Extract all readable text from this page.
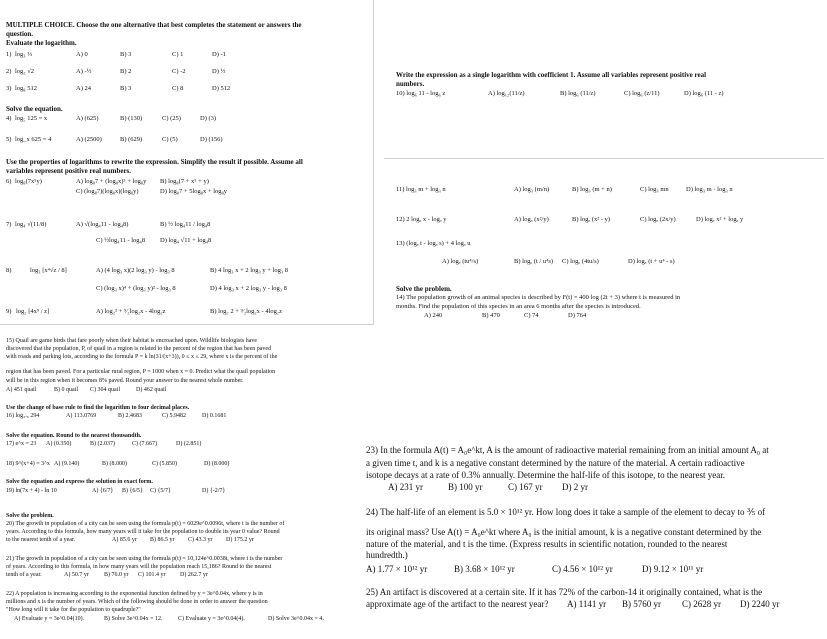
MULTIPLE CHOICE. Choose the one alternative that best completes the statement or answers the
question.
Evaluate the logarithm.
1) log₃ ⅓	A) 0	B) 3	C) 1	D) -1
2) log₂ √2	A) -½	B) 2	C) -2	D) ½
3) log₈ 512	A) 24	B) 3	C) 8	D) 512
Solve the equation.
4) log₅ 125 = x	A) (625)	B) (130)	C) (25)	D) (3)
5) log_x 625 = 4	A) (2500)	B) (629)	C) (5)	D) (156)
Use the properties of logarithms to rewrite the expression. Simplify the result if possible. Assume all
variables represent positive real numbers.
6) log₈(7x⁵y)	A) log₈7 + (log₈x)⁵ + log₈y B) log₈(7 + x⁵ + y)
C) (log₈7)(log₈x)(log₈y)	D) log₈7 + 5log₈x + log₈y
7) log₄ √(11/8)	A) √(log₄11 - log₄8)	B) ½ log₄11 / log₄8
C) ½log₄11 - log₄8 D) log₄ √11 + log₄8
8)	log₃ [x⁴√z / 8]	A) (4 log₃ x)(2 log₃ y) - log₃ 8	B) 4 log₃ x + 2 log₃ y + log₃ 8
C) (log₃ x)⁴ + (log₃ y)² - log₃ 8	D) 4 log₃ x + 2 log₃ y - log₃ 8
9) log₂ [4x⁹ / z]	A) log₂² + ⁹⁄₂log₂x - 4log₂z	B) log₂ 2 + ⁹⁄₂log₂x - 4log₂z
Write the expression as a single logarithm with coefficient 1. Assume all variables represent positive real
numbers.
10) log₆ 11 - log₆ z	A) log₁₂(11/z)	B) log₆ (11/z)	C) log₆ (z/11)	D) log₆ (11 - z)
11) log₃ m + log₃ n	A) log₃ (m/n)	B) log₃ (m + n)	C) log₃ mn	D) log₃ m · log₃ n
12) 2 logₐ x - logₐ y	A) logₐ (x²/y)	B) logₐ (x² - y)	C) logₐ (2x/y)	D) logₐ x² + logₐ y
13) (logₐ t - logₐ s) + 4 logₐ u
A) logₐ (tu⁴/s)	B) logₐ (t / u⁴s) C) logₐ (4tu/s)	D) logₐ (t + u⁴ - s)
Solve the problem.
14) The population growth of an animal species is described by F(t) = 400 log (2t + 3) where t is measured in
months. Find the population of this species in an area 6 months after the species is introduced.
A) 240	B) 470	C) 74	D) 764
15) Quail are game birds that fare poorly when their habitat is encroached upon. Wildlife biologists have
discovered that the population, P, of quail in a region is related to the percent of the region that has been paved
with roads and parking lots, according to the formula P = k ln(31/(x+3)), 0 ≤ x ≤ 29, where x is the percent of the
region that has been paved. For a particular rural region, P = 1000 when x = 0. Predict what the quail population
will be in this region when it becomes 8% paved. Round your answer to the nearest whole number.
A) 451 quail	B) 0 quail C) 304 quail	D) 462 quail
Use the change of base rule to find the logarithm to four decimal places.
16) log₂.₆ 294	A) 113.0769	B) 2.4683	C) 5.9482	D) 0.1681
Solve the equation. Round to the nearest thousandth.
17) e^x = 23 A) (0.350)	B) (2.037)	C) (7.667)	D) (2.851)
18) 9^(x+4) = 3^x A) (9.140)	B) (8.000)	C) (5.850)	D) (8.000)
Solve the equation and express the solution in exact form.
19) ln(7x + 4) - ln 10	A) {6/7} B) {6/5} C) {5/7}	D) {-2/7}
Solve the problem.
20) The growth in population of a city can be seen using the formula p(t) = 6029e^0.0096t, where t is the number of
years. According to this formula, how many years will it take for the population to double its year 0 value? Round
to the nearest tenth of a year.	A) 85.6 yr B) 86.5 yr C) 43.3 yr D) 175.2 yr
21) The growth in population of a city can be seen using the formula p(t) = 10,124e^0.0038t, where t is the number
of years. According to this formula, in how many years will the population reach 15,186? Round to the nearest
tenth of a year.	A) 50.7 yr	B) 76.0 yr C) 101.4 yr D) 262.7 yr
22) A population is increasing according to the exponential function defined by y = 3e^0.04x, where y is in
millions and x is the number of years. Which of the following should be done in order to answer the question
"How long will it take for the population to quadruple?"
A) Evaluate y = 3e^0.04(10).	B) Solve 3e^0.04x = 12.	C) Evaluate y = 3e^0.04(4).	D) Solve 3e^0.04x = 4.
23) In the formula A(t) = A₀e^kt, A is the amount of radioactive material remaining from an initial amount A₀ at
a given time t, and k is a negative constant determined by the nature of the material. A certain radioactive
isotope decays at a rate of 0.3% annually. Determine the half-life of this isotope, to the nearest year.
A) 231 yr	B) 100 yr	C) 167 yr D) 2 yr
24) The half-life of an element is 5.0 × 10¹² yr. How long does it take a sample of the element to decay to ⅗ of
its original mass? Use A(t) = A₀e^kt where A₀ is the initial amount, k is a negative constant determined by the
nature of the material, and t is the time. (Express results in scientific notation, rounded to the nearest
hundredth.)
A) 1.77 × 10¹² yr	B) 3.68 × 10¹² yr	C) 4.56 × 10¹² yr	D) 9.12 × 10¹¹ yr
25) An artifact is discovered at a certain site. If it has 72% of the carbon-14 it originally contained, what is the
approximate age of the artifact to the nearest year? A) 1141 yr B) 5760 yr C) 2628 yr D) 2240 yr
